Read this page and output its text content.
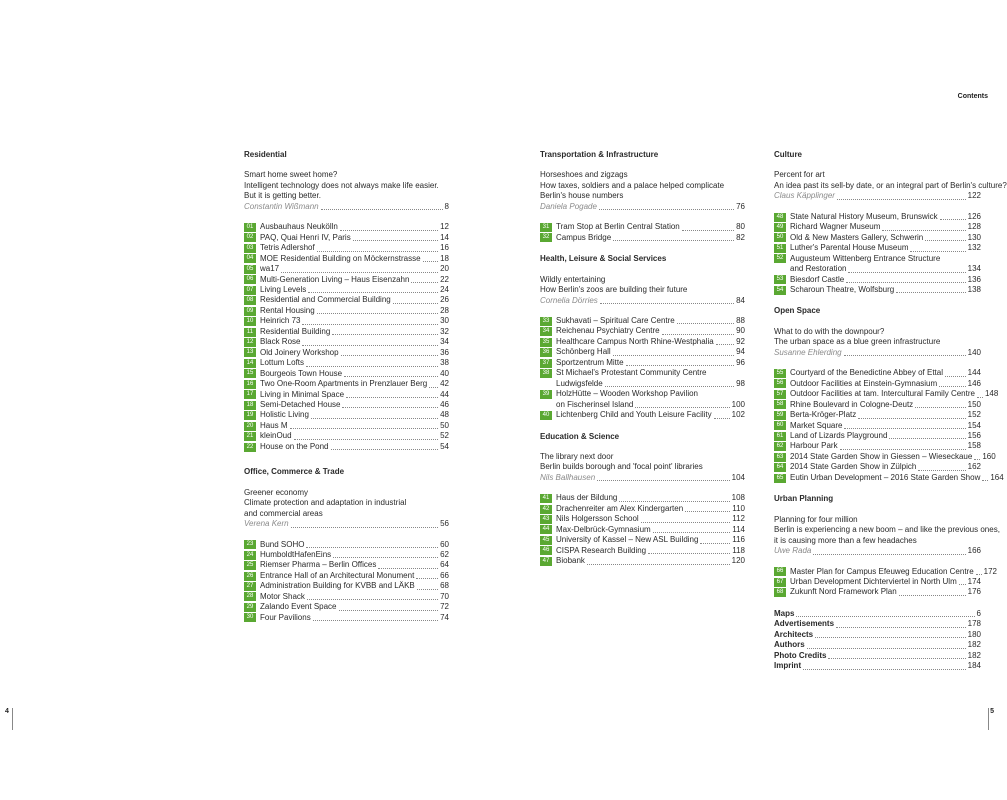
Contents
Residential
Smart home sweet home?
Intelligent technology does not always make life easier.
But it is getting better.
Constantin Wißmann	8
01 Ausbauhaus Neukölln	12
02 PAQ, Quai Henri IV, Paris	14
03 Tetris Adlershof	16
04 MOE Residential Building on Möckernstrasse 18
05 wa17	20
06 Multi-Generation Living – Haus Eisenzahn	22
07 Living Levels	24
08 Residential and Commercial Building	26
09 Rental Housing	28
10 Heinrich 73	30
11 Residential Building	32
12 Black Rose	34
13 Old Joinery Workshop	36
14 Lottum Lofts	38
15 Bourgeois Town House	40
16 Two One-Room Apartments in Prenzlauer Berg 42
17 Living in Minimal Space	44
18 Semi-Detached House	46
19 Holistic Living	48
20 Haus M	50
21 kleinOud	52
22 House on the Pond	54
Office, Commerce & Trade
Greener economy
Climate protection and adaptation in industrial
and commercial areas
Verena Kern	56
23 Bund SOHO	60
24 HumboldtHafenEins	62
25 Riemser Pharma – Berlin Offices	64
26 Entrance Hall of an Architectural Monument	66
27 Administration Building for KVBB and LÄKB	68
28 Motor Shack	70
29 Zalando Event Space	72
30 Four Pavilions	74
Transportation & Infrastructure
Horseshoes and zigzags
How taxes, soldiers and a palace helped complicate
Berlin's house numbers
Daniela Pogade	76
31 Tram Stop at Berlin Central Station	80
32 Campus Bridge	82
Health, Leisure & Social Services
Wildly entertaining
How Berlin's zoos are building their future
Cornelia Dörries	84
33 Sukhavati – Spiritual Care Centre	88
34 Reichenau Psychiatry Centre	90
35 Healthcare Campus North Rhine-Westphalia	92
36 Schönberg Hall	94
37 Sportzentrum Mitte	96
38 St Michael's Protestant Community Centre
Ludwigsfelde	98
39 HolzHütte – Wooden Workshop Pavilion
on Fischerinsel Island	100
40 Lichtenberg Child and Youth Leisure Facility 102
Education & Science
The library next door
Berlin builds borough and 'focal point' libraries
Nils Ballhausen	104
41 Haus der Bildung	108
42 Drachenreiter am Alex Kindergarten	110
43 Nils Holgersson School	112
44 Max-Delbrück-Gymnasium	114
45 University of Kassel – New ASL Building	116
46 CISPA Research Building	118
47 Biobank	120
Culture
Percent for art
An idea past its sell-by date, or an integral part of Berlin's culture?
Claus Käpplinger	122
48 State Natural History Museum, Brunswick	126
49 Richard Wagner Museum	128
50 Old & New Masters Gallery, Schwerin	130
51 Luther's Parental House Museum	132
52 Augusteum Wittenberg Entrance Structure
and Restoration	134
53 Biesdorf Castle	136
54 Scharoun Theatre, Wolfsburg	138
Open Space
What to do with the downpour?
The urban space as a blue green infrastructure
Susanne Ehlerding	140
55 Courtyard of the Benedictine Abbey of Ettal	144
56 Outdoor Facilities at Einstein-Gymnasium	146
57 Outdoor Facilities at tam. Intercultural Family Centre 148
58 Rhine Boulevard in Cologne-Deutz	150
59 Berta-Kröger-Platz	152
60 Market Square	154
61 Land of Lizards Playground	156
62 Harbour Park	158
63 2014 State Garden Show in Giessen – Wieseckaue 160
64 2014 State Garden Show in Zülpich	162
65 Eutin Urban Development – 2016 State Garden Show 164
Urban Planning
Planning for four million
Berlin is experiencing a new boom – and like the previous ones,
it is causing more than a few headaches
Uwe Rada	166
66 Master Plan for Campus Efeuweg Education Centre 172
67 Urban Development Dichterviertel in North Ulm 174
68 Zukunft Nord Framework Plan	176
Maps	6
Advertisements	178
Architects	180
Authors	182
Photo Credits	182
Imprint	184
4	5
